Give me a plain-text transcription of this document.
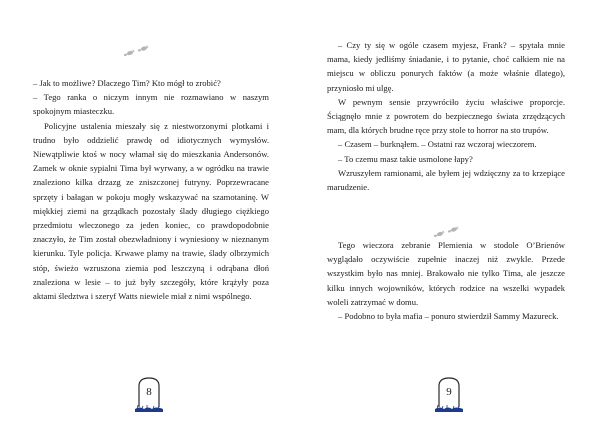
– Jak to możliwe? Dlaczego Tim? Kto mógł to zrobić?

– Tego ranka o niczym innym nie rozmawiano w naszym spokojnym miasteczku.

Policyjne ustalenia mieszały się z niestworzonymi plotkami i trudno było oddzielić prawdę od idiotycznych wymysłów. Niewątpliwie ktoś w nocy włamał się do mieszkania Andersonów. Zamek w oknie sypialni Tima był wyrwany, a w ogródku na trawie znaleziono kilka drzazg ze zniszczonej futryny. Poprzewracane sprzęty i bałagan w pokoju mogły wskazywać na szamotaninę. W miękkiej ziemi na grządkach pozostały ślady długiego ciężkiego przedmiotu wleczonego za jeden koniec, co prawdopodobnie znaczyło, że Tim został obezwładniony i wyniesiony w nieznanym kierunku. Tyle policja. Krwawe plamy na trawie, ślady olbrzymich stóp, świeżo wzruszona ziemia pod leszczyną i odrąbana dłoń znaleziona w lesie – to już były szczegóły, które krążyły poza aktami śledztwa i szeryf Watts niewiele miał z nimi wspólnego.

8

– Czy ty się w ogóle czasem myjesz, Frank? – spytała mnie mama, kiedy jedliśmy śniadanie, i to pytanie, choć całkiem nie na miejscu w obliczu ponurych faktów (a może właśnie dlatego), przyniosło mi ulgę.

W pewnym sensie przywróciło życiu właściwe proporcje. Ściągnęło mnie z powrotem do bezpiecznego świata zrzędzących mam, dla których brudne ręce przy stole to horror na sto trupów.

– Czasem – burknąłem. – Ostatni raz wczoraj wieczorem.

– To czemu masz takie usmolone łapy?

Wzruszyłem ramionami, ale byłem jej wdzięczny za to krzepiące marudzenie.

Tego wieczora zebranie Plemienia w stodole O’Brienów wyglądało oczywiście zupełnie inaczej niż zwykle. Przede wszystkim było nas mniej. Brakowało nie tylko Tima, ale jeszcze kilku innych wojowników, których rodzice na wszelki wypadek woleli zatrzymać w domu.

– Podobno to była mafia – ponuro stwierdził Sammy Mazureck.

9
